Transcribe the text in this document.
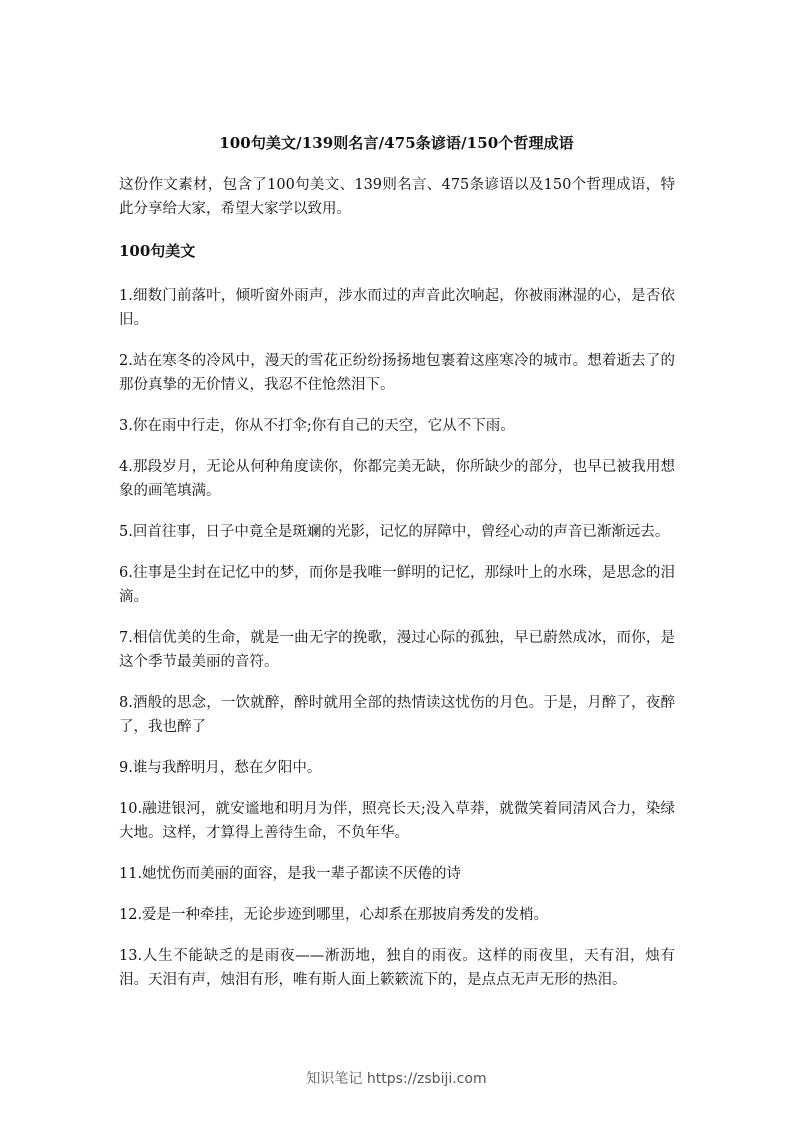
100句美文/139则名言/475条谚语/150个哲理成语

这份作文素材，包含了100句美文、139则名言、475条谚语以及150个哲理成语，特此分享给大家，希望大家学以致用。

100句美文

1.细数门前落叶，倾听窗外雨声，涉水而过的声音此次响起，你被雨淋湿的心，是否依旧。

2.站在寒冬的冷风中，漫天的雪花正纷纷扬扬地包裹着这座寒冷的城市。想着逝去了的那份真挚的无价情义，我忍不住怆然泪下。

3.你在雨中行走，你从不打伞;你有自己的天空，它从不下雨。

4.那段岁月，无论从何种角度读你，你都完美无缺，你所缺少的部分，也早已被我用想象的画笔填满。

5.回首往事，日子中竟全是斑斓的光影，记忆的屏障中，曾经心动的声音已渐渐远去。

6.往事是尘封在记忆中的梦，而你是我唯一鲜明的记忆，那绿叶上的水珠，是思念的泪滴。

7.相信优美的生命，就是一曲无字的挽歌，漫过心际的孤独，早已蔚然成冰，而你，是这个季节最美丽的音符。

8.酒般的思念，一饮就醉，醉时就用全部的热情读这忧伤的月色。于是，月醉了，夜醉了，我也醉了

9.谁与我醉明月，愁在夕阳中。

10.融进银河，就安谧地和明月为伴，照亮长天;没入草莽，就微笑着同清风合力，染绿大地。这样，才算得上善待生命，不负年华。

11.她忧伤而美丽的面容，是我一辈子都读不厌倦的诗

12.爱是一种牵挂，无论步迹到哪里，心却系在那披肩秀发的发梢。

13.人生不能缺乏的是雨夜——淅沥地，独自的雨夜。这样的雨夜里，天有泪，烛有泪。天泪有声，烛泪有形，唯有斯人面上簌簌流下的，是点点无声无形的热泪。

知识笔记 https://zsbiji.com
